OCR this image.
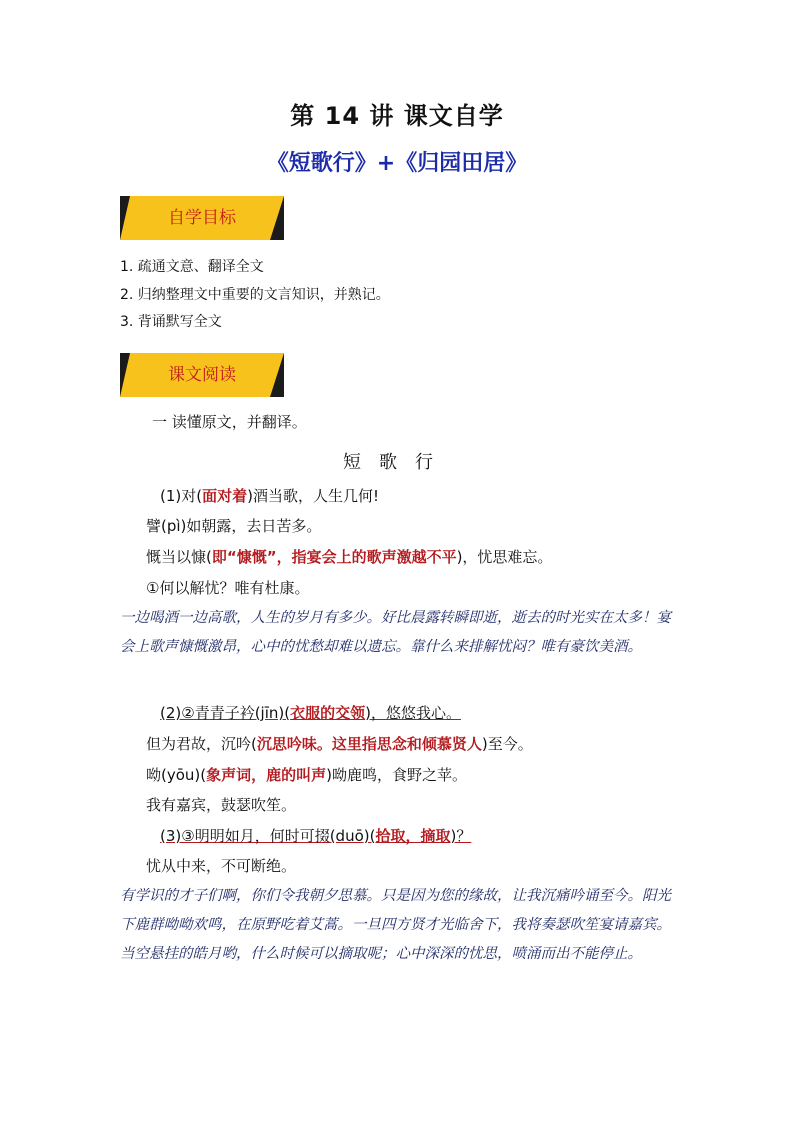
第 14 讲 课文自学
《短歌行》+《归园田居》
自学目标
1. 疏通文意、翻译全文
2. 归纳整理文中重要的文言知识，并熟记。
3. 背诵默写全文
课文阅读
一 读懂原文，并翻译。
短歌行
(1)对(面对着)酒当歌，人生几何!
譬(pì)如朝露，去日苦多。
慨当以慷(即“慷慨”，指宴会上的歌声激越不平)，忧思难忘。
①何以解忧？唯有杜康。
一边喝酒一边高歌，人生的岁月有多少。好比晨露转瞬即逝，逝去的时光实在太多！宴会上歌声慷慨激昂，心中的忧愁却难以遗忘。靠什么来排解忧闷？唯有豪饮美酒。
(2)②青青子衿(jīn)(衣服的交领)，悠悠我心。
但为君故，沉吟(沉思吟味。这里指思念和倾慕贤人)至今。
呦(yōu)(象声词，鹿的叫声)呦鹿鸣，食野之苹。
我有嘉宾，鼓瑟吹笙。
(3)③明明如月，何时可掇(duō)(拾取，摘取)？
忧从中来，不可断绝。
有学识的才子们啊，你们令我朝夕思慕。只是因为您的缘故，让我沉痛吟诵至今。阳光下鹿群呦呦欢鸣，在原野吃着艾蒿。一旦四方贤才光临舍下，我将奏瑟吹笙宴请嘉宾。当空悬挂的皓月哟，什么时候可以摘取呢；心中深深的忧思，喷涌而出不能停止。
